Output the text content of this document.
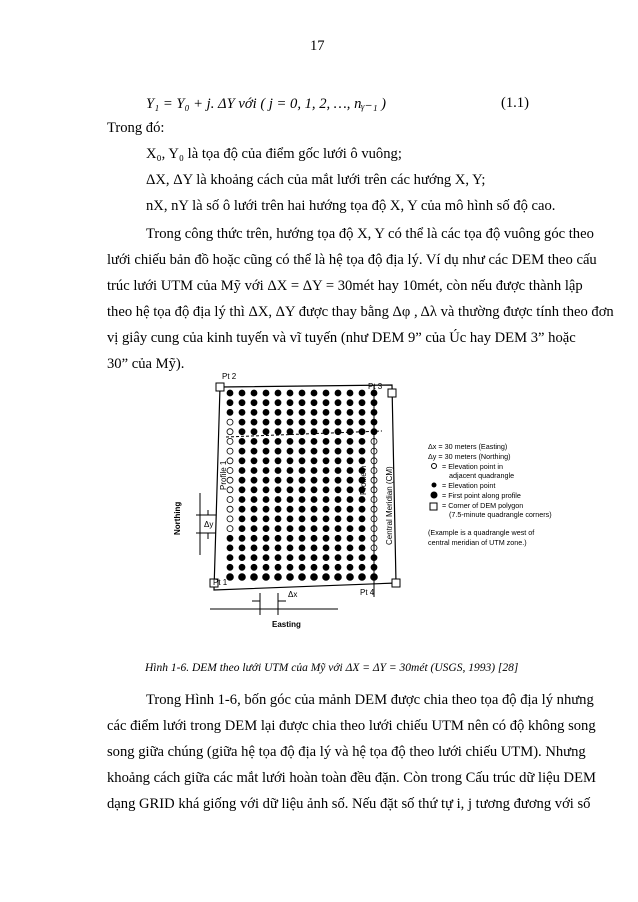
17
Y₁ = Y₀ + j. ΔY với ( j = 0, 1, 2, …, nᵧ₋₁ )	(1.1)
Trong đó:
X₀, Y₀ là tọa độ của điểm gốc lưới ô vuông;
ΔX, ΔY là khoảng cách của mắt lưới trên các hướng X, Y;
nX, nY là số ô lưới trên hai hướng tọa độ X, Y của mô hình số độ cao.
Trong công thức trên, hướng tọa độ X, Y có thể là các tọa độ vuông góc theo
lưới chiếu bản đồ hoặc cũng có thể là hệ tọa độ địa lý. Ví dụ như các DEM theo cấu
trúc lưới UTM của Mỹ với ΔX = ΔY = 30mét hay 10mét, còn nếu được thành lập
theo hệ tọa độ địa lý thì ΔX, ΔY được thay bằng Δφ , Δλ và thường được tính theo đơn
vị giây cung của kinh tuyến và vĩ tuyến (như DEM 9” của Úc hay DEM 3” hoặc
30” của Mỹ).
Pt 2
Pt 3
Pt 1
Pt 4
Δx
Δy
Easting
Northing
Profile 1	Profile n Central Meridian (CM)
Δx = 30 meters (Easting)
Δy = 30 meters (Northing)
= Elevation point in
adjacent quadrangle
= Elevation point
= First point along profile
= Corner of DEM polygon
(7.5-minute quadrangle corners)
(Example is a quadrangle west of
central meridian of UTM zone.)
Hình 1-6. DEM theo lưới UTM của Mỹ với ΔX = ΔY = 30mét (USGS, 1993) [28]
Trong Hình 1-6, bốn góc của mảnh DEM được chia theo tọa độ địa lý nhưng
các điểm lưới trong DEM lại được chia theo lưới chiếu UTM nên có độ không song
song giữa chúng (giữa hệ tọa độ địa lý và hệ tọa độ theo lưới chiếu UTM). Nhưng
khoảng cách giữa các mắt lưới hoàn toàn đều đặn. Còn trong Cấu trúc dữ liệu DEM
dạng GRID khá giống với dữ liệu ảnh số. Nếu đặt số thứ tự i, j tương đương với số
